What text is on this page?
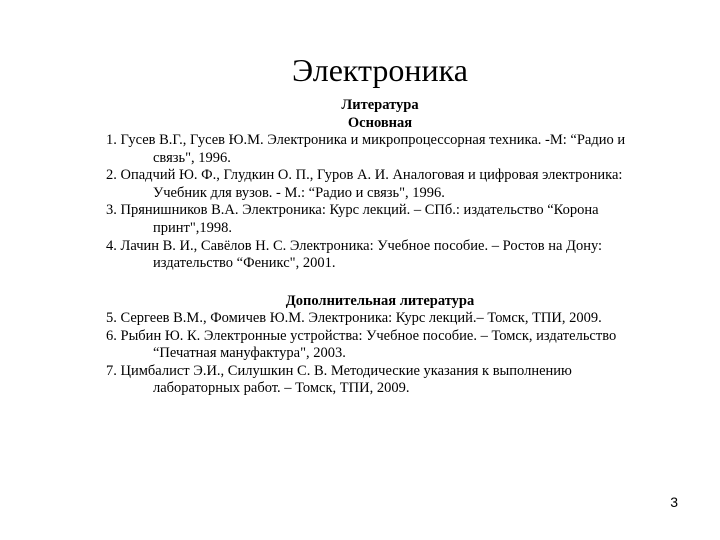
Электроника
Литература
Основная
1. Гусев В.Г., Гусев Ю.М. Электроника и микропроцессорная техника. -М: “Радио и связь", 1996.
2. Опадчий Ю. Ф., Глудкин О. П., Гуров А. И. Аналоговая и цифровая электроника: Учебник для вузов. - М.: “Радио и связь", 1996.
3. Прянишников В.А. Электроника: Курс лекций. – СПб.: издательство “Корона принт",1998.
4. Лачин В. И., Савёлов Н. С. Электроника: Учебное пособие. – Ростов на Дону: издательство “Феникс", 2001.
Дополнительная литература
5. Сергеев В.М., Фомичев Ю.М. Электроника: Курс лекций.– Томск, ТПИ, 2009.
6. Рыбин Ю. К. Электронные устройства: Учебное пособие. – Томск, издательство “Печатная мануфактура", 2003.
7. Цимбалист Э.И., Силушкин С. В. Методические указания к выполнению лабораторных работ. – Томск, ТПИ, 2009.
3
